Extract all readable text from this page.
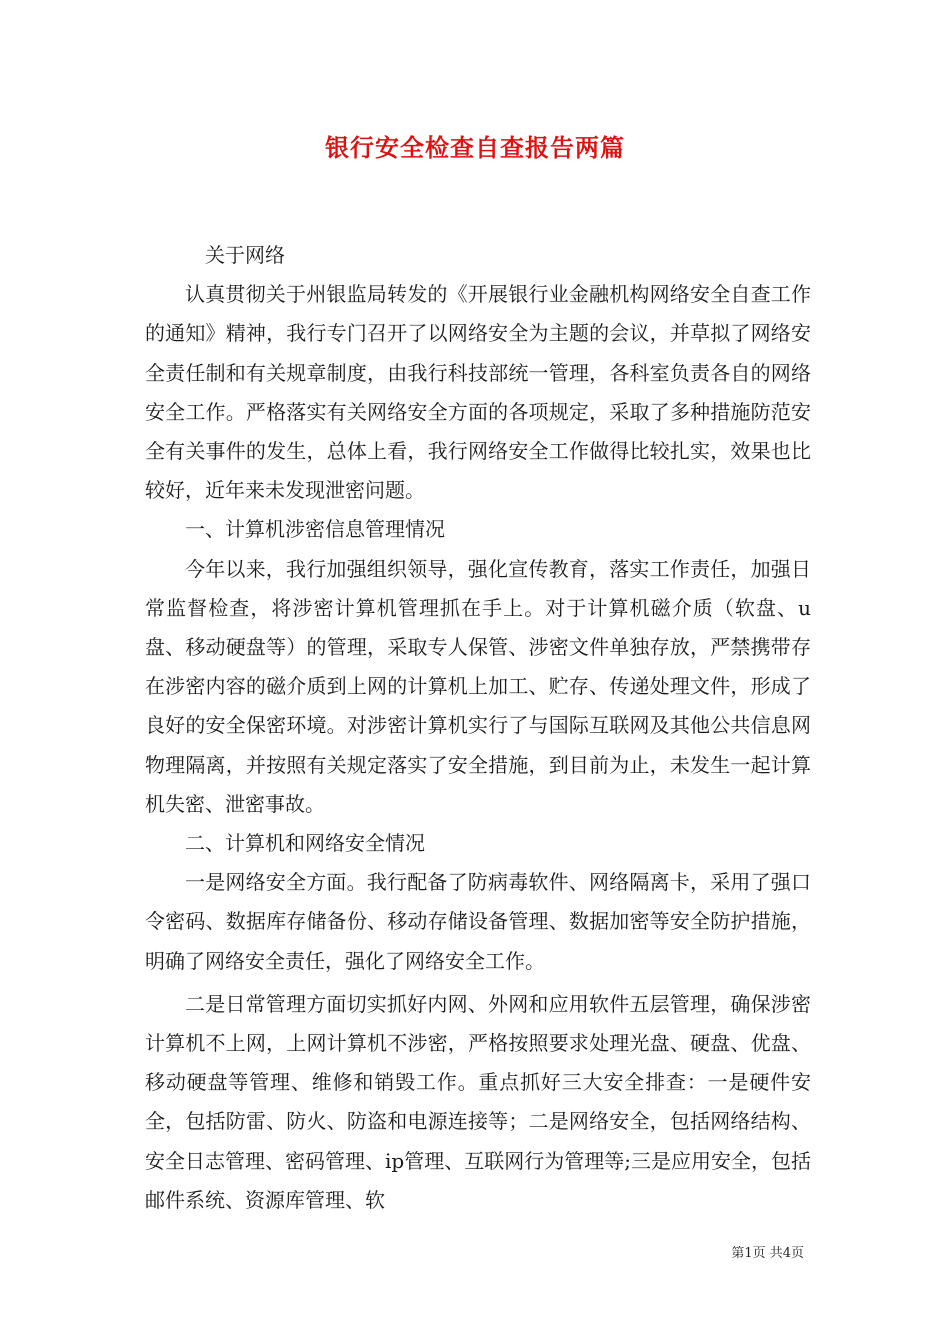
银行安全检查自查报告两篇

关于网络

认真贯彻关于州银监局转发的《开展银行业金融机构网络安全自查工作的通知》精神，我行专门召开了以网络安全为主题的会议，并草拟了网络安全责任制和有关规章制度，由我行科技部统一管理，各科室负责各自的网络安全工作。严格落实有关网络安全方面的各项规定，采取了多种措施防范安全有关事件的发生，总体上看，我行网络安全工作做得比较扎实，效果也比较好，近年来未发现泄密问题。

一、计算机涉密信息管理情况

今年以来，我行加强组织领导，强化宣传教育，落实工作责任，加强日常监督检查，将涉密计算机管理抓在手上。对于计算机磁介质（软盘、u盘、移动硬盘等）的管理，采取专人保管、涉密文件单独存放，严禁携带存在涉密内容的磁介质到上网的计算机上加工、贮存、传递处理文件，形成了良好的安全保密环境。对涉密计算机实行了与国际互联网及其他公共信息网物理隔离，并按照有关规定落实了安全措施，到目前为止，未发生一起计算机失密、泄密事故。

二、计算机和网络安全情况

一是网络安全方面。我行配备了防病毒软件、网络隔离卡，采用了强口令密码、数据库存储备份、移动存储设备管理、数据加密等安全防护措施，明确了网络安全责任，强化了网络安全工作。

二是日常管理方面切实抓好内网、外网和应用软件五层管理，确保涉密计算机不上网，上网计算机不涉密，严格按照要求处理光盘、硬盘、优盘、移动硬盘等管理、维修和销毁工作。重点抓好三大安全排查：一是硬件安全，包括防雷、防火、防盗和电源连接等；二是网络安全，包括网络结构、安全日志管理、密码管理、ip管理、互联网行为管理等;三是应用安全，包括邮件系统、资源库管理、软

第1页 共4页
